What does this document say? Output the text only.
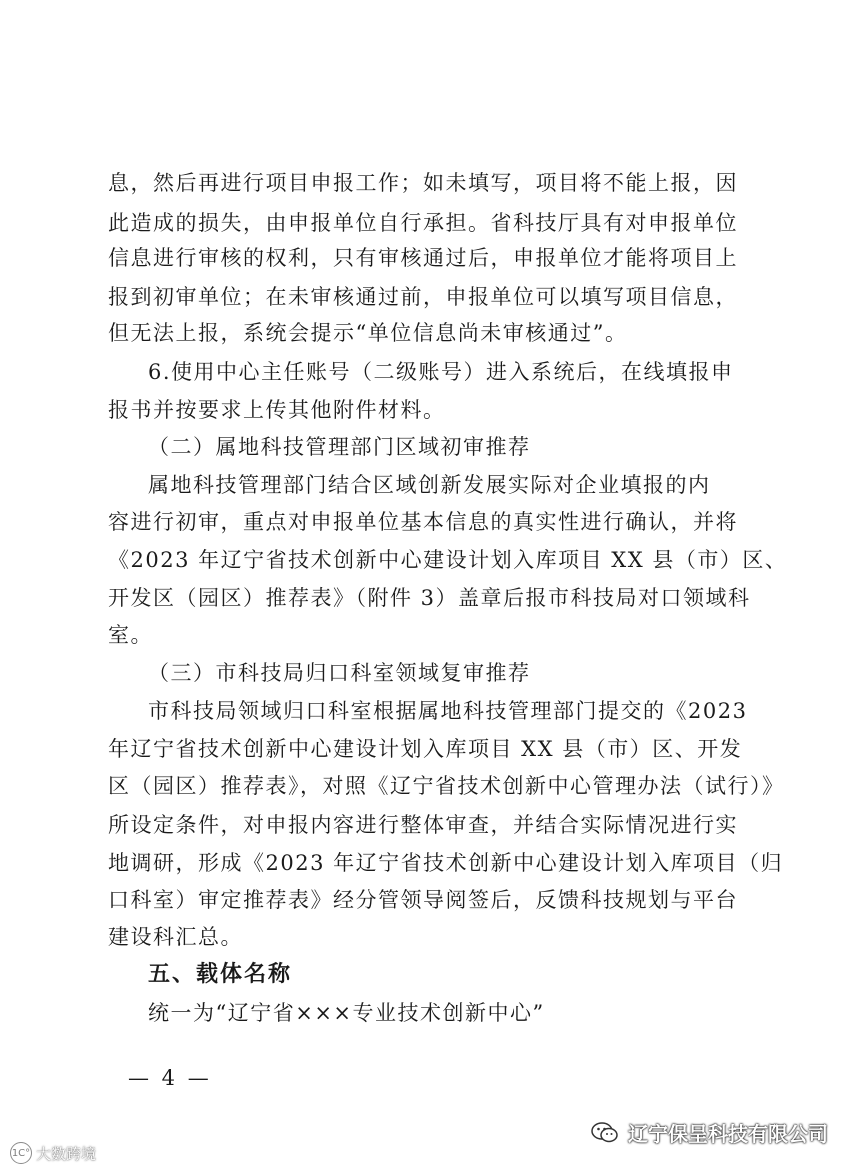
息，然后再进行项目申报工作；如未填写，项目将不能上报，因
此造成的损失，由申报单位自行承担。省科技厅具有对申报单位
信息进行审核的权利，只有审核通过后，申报单位才能将项目上
报到初审单位；在未审核通过前，申报单位可以填写项目信息，
但无法上报，系统会提示“单位信息尚未审核通过”。
6.使用中心主任账号（二级账号）进入系统后，在线填报申
报书并按要求上传其他附件材料。
（二）属地科技管理部门区域初审推荐
属地科技管理部门结合区域创新发展实际对企业填报的内
容进行初审，重点对申报单位基本信息的真实性进行确认，并将
《2023 年辽宁省技术创新中心建设计划入库项目 XX 县（市）区、
开发区（园区）推荐表》（附件 3）盖章后报市科技局对口领域科
室。
（三）市科技局归口科室领域复审推荐
市科技局领域归口科室根据属地科技管理部门提交的《2023
年辽宁省技术创新中心建设计划入库项目 XX 县（市）区、开发
区（园区）推荐表》，对照《辽宁省技术创新中心管理办法（试行）》
所设定条件，对申报内容进行整体审查，并结合实际情况进行实
地调研，形成《2023 年辽宁省技术创新中心建设计划入库项目（归
口科室）审定推荐表》经分管领导阅签后，反馈科技规划与平台
建设科汇总。
五、载体名称
统一为“辽宁省×××专业技术创新中心”
— 4 —
1C° 大数跨境
辽宁保呈科技有限公司
